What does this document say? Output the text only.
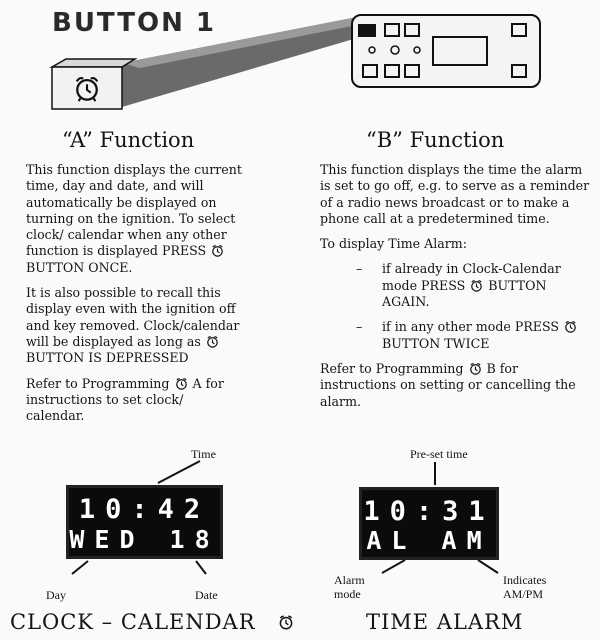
BUTTON 1
“A” Function	“B” Function

This function displays the current time, day and date, and will automatically be displayed on turning on the ignition. To select clock/ calendar when any other function is displayed PRESS  BUTTON ONCE.

It is also possible to recall this display even with the ignition off and key removed. Clock/calendar will be displayed as long as  BUTTON IS DEPRESSED

Refer to Programming A for instructions to set clock/ calendar.

This function displays the time the alarm is set to go off, e.g. to serve as a reminder of a radio news broadcast or to make a phone call at a predetermined time.

To display Time Alarm:

– if already in Clock-Calendar mode PRESS BUTTON AGAIN.
– if in any other mode PRESS  BUTTON TWICE

Refer to Programming B for instructions on setting or cancelling the alarm.

Time
10:42
WED 18
Day	Date
Pre-set time
10:31
AL AM
Alarm mode
Indicates AM/PM
CLOCK – CALENDAR	TIME ALARM
